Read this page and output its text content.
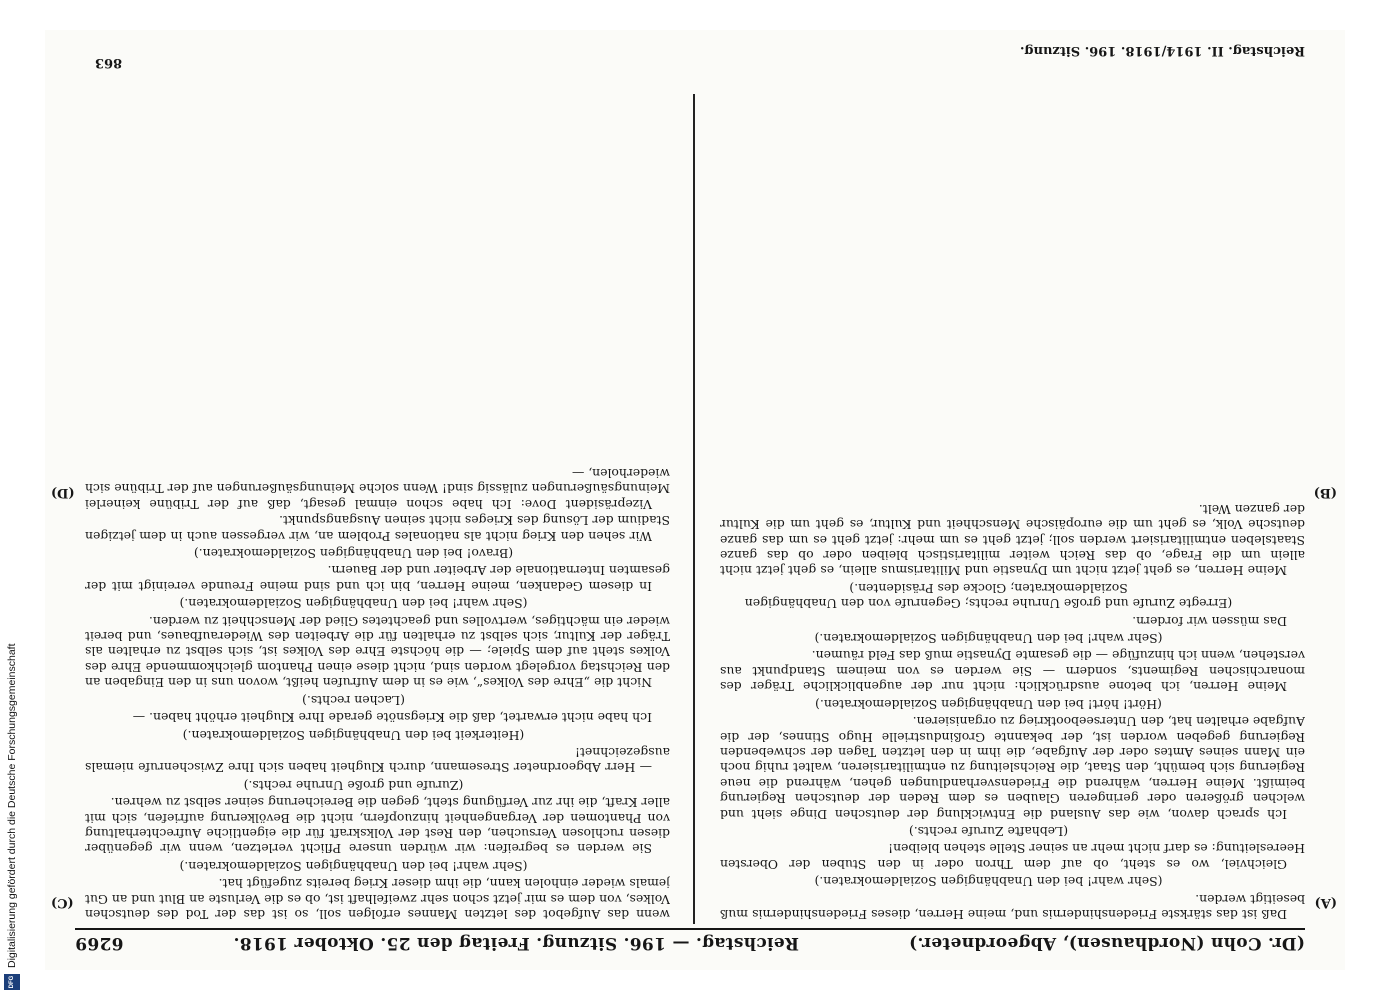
(Dr. Cohn (Nordhausen), Abgeordneter.)
Reichstag. — 196. Sitzung. Freitag den 25. Oktober 1918.
6269

Daß ist das stärkste Friedenshindernis und, meine Herren, dieses Friedenshindernis muß beseitigt werden.

(Sehr wahr! bei den Unabhängigen Sozialdemokraten.)

Gleichviel, wo es steht, ob auf dem Thron oder in den Stuben der Obersten Heeresleitung: es darf nicht mehr an seiner Stelle stehen bleiben!

(Lebhafte Zurufe rechts.)

Ich sprach davon, wie das Ausland die Entwicklung der deutschen Dinge sieht und welchen größeren oder geringeren Glauben es dem Reden der deutschen Regierung beimißt. Meine Herren, während die Friedensverhandlungen gehen, während die neue Regierung sich bemüht, den Staat, die Reichsleitung zu entmilitarisieren, waltet ruhig noch ein Mann seines Amtes oder der Aufgabe, die ihm in den letzten Tagen der schwebenden Regierung gegeben worden ist, der bekannte Großindustrielle Hugo Stinnes, der die Aufgabe erhalten hat, den Unterseebootkrieg zu organisieren.

(Hört! hört! bei den Unabhängigen Sozialdemokraten.)

Meine Herren, ich betone ausdrücklich: nicht nur der augenblickliche Träger des monarchischen Regiments, sondern — Sie werden es von meinem Standpunkt aus verstehen, wenn ich hinzufüge — die gesamte Dynastie muß das Feld räumen.

(Sehr wahr! bei den Unabhängigen Sozialdemokraten.)

Das müssen wir fordern.

(Erregte Zurufe und große Unruhe rechts; Gegenrufe von den Unabhängigen Sozialdemokraten; Glocke des Präsidenten.)

Meine Herren, es geht jetzt nicht um Dynastie und Militarismus allein, es geht jetzt nicht allein um die Frage, ob das Reich weiter militaristisch bleiben oder ob das ganze Staatsleben entmilitarisiert werden soll; jetzt geht es um mehr: jetzt geht es um das ganze deutsche Volk, es geht um die europäische Menschheit und Kultur, es geht um die Kultur der ganzen Welt.

wenn das Aufgebot des letzten Mannes erfolgen soll, so ist das der Tod des deutschen Volkes, von dem es mir jetzt schon sehr zweifelhaft ist, ob es die Verluste an Blut und an Gut jemals wieder einholen kann, die ihm dieser Krieg bereits zugefügt hat.

(Sehr wahr! bei den Unabhängigen Sozialdemokraten.)

Sie werden es begreifen: wir würden unsere Pflicht verletzen, wenn wir gegenüber diesen ruchlosen Versuchen, den Rest der Volkskraft für die eigentliche Aufrechterhaltung von Phantomen der Vergangenheit hinzuopfern, nicht die Bevölkerung aufriefen, sich mit aller Kraft, die ihr zur Verfügung steht, gegen die Bereicherung seiner selbst zu wehren.

(Zurufe und große Unruhe rechts.)

— Herr Abgeordneter Stresemann, durch Klugheit haben sich Ihre Zwischenrufe niemals ausgezeichnet!

(Heiterkeit bei den Unabhängigen Sozialdemokraten.)

Ich habe nicht erwartet, daß die Kriegsnöte gerade Ihre Klugheit erhöht haben. —

(Lachen rechts.)

Nicht die „Ehre des Volkes“, wie es in dem Aufrufen heißt, wovon uns in den Eingaben an den Reichstag vorgelegt worden sind, nicht diese einen Phantom gleichkommende Ehre des Volkes steht auf dem Spiele; — die höchste Ehre des Volkes ist, sich selbst zu erhalten als Träger der Kultur, sich selbst zu erhalten für die Arbeiten des Wiederaufbaues, und bereit wieder ein mächtiges, wertvolles und geachtetes Glied der Menschheit zu werden.

(Sehr wahr! bei den Unabhängigen Sozialdemokraten.)

In diesem Gedanken, meine Herren, bin ich und sind meine Freunde vereinigt mit der gesamten Internationale der Arbeiter und der Bauern.

(Bravo! bei den Unabhängigen Sozialdemokraten.)

Wir sehen den Krieg nicht als nationales Problem an, wir vergessen auch in dem jetzigen Stadium der Lösung des Krieges nicht seinen Ausgangspunkt.

Vizepräsident Dove: Ich habe schon einmal gesagt, daß auf der Tribüne keinerlei Meinungsäußerungen zulässig sind! Wenn solche Meinungsäußerungen auf der Tribüne sich wiederholen, —

(A)
(B)
(C)
(D)
Reichstag. II. 1914/1918. 196. Sitzung.
863
DFG
Digitalisierung gefördert durch die Deutsche Forschungsgemeinschaft
